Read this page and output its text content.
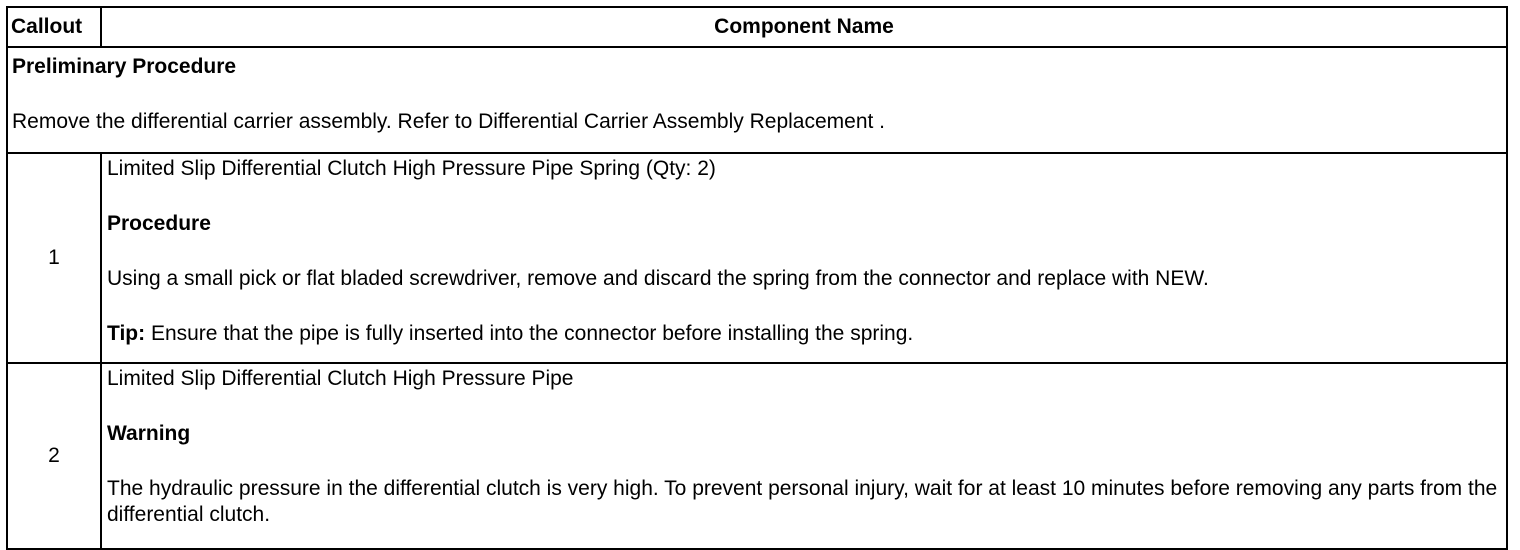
Callout	Component Name

Preliminary Procedure

Remove the differential carrier assembly. Refer to Differential Carrier Assembly Replacement .	

1	Limited Slip Differential Clutch High Pressure Pipe Spring (Qty: 2)

Procedure

Using a small pick or flat bladed screwdriver, remove and discard the spring from the connector and replace with NEW.

Tip: Ensure that the pipe is fully inserted into the connector before installing the spring.

2	Limited Slip Differential Clutch High Pressure Pipe

Warning

The hydraulic pressure in the differential clutch is very high. To prevent personal injury, wait for at least 10 minutes before removing any parts from the differential clutch.
